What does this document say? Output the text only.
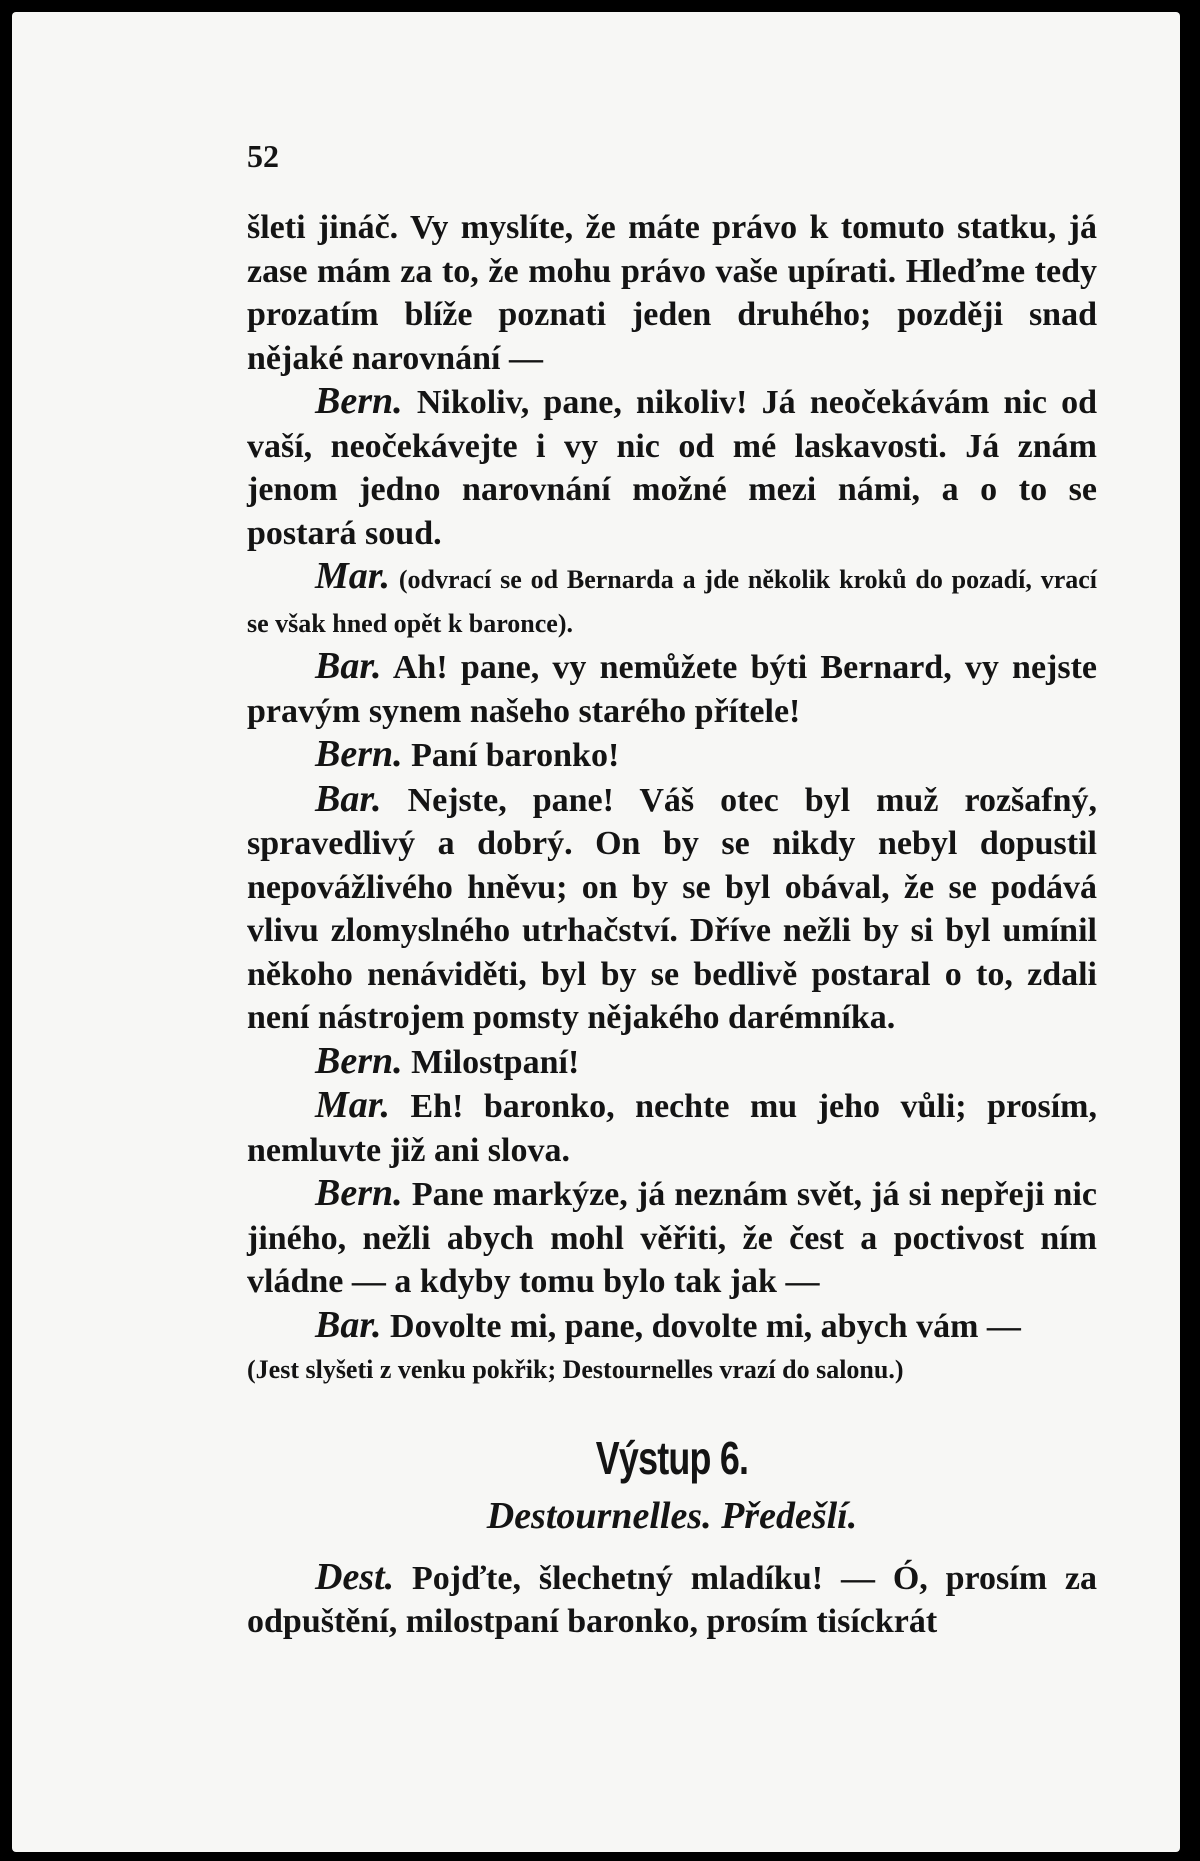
52

šleti jináč. Vy myslíte, že máte právo k tomuto statku, já zase mám za to, že mohu právo vaše upírati. Hleďme tedy prozatím blíže poznati jeden druhého; později snad nějaké narovnání —

Bern. Nikoliv, pane, nikoliv! Já neočekávám nic od vaší, neočekávejte i vy nic od mé laskavosti. Já znám jenom jedno narovnání možné mezi námi, a o to se postará soud.

Mar. (odvrací se od Bernarda a jde několik kroků do pozadí, vrací se však hned opět k baronce).

Bar. Ah! pane, vy nemůžete býti Bernard, vy nejste pravým synem našeho starého přítele!

Bern. Paní baronko!

Bar. Nejste, pane! Váš otec byl muž rozšafný, spravedlivý a dobrý. On by se nikdy nebyl dopustil nepovážlivého hněvu; on by se byl obával, že se podává vlivu zlomyslného utrhačství. Dříve nežli by si byl umínil někoho nenáviděti, byl by se bedlivě postaral o to, zdali není nástrojem pomsty nějakého darémníka.

Bern. Milostpaní!

Mar. Eh! baronko, nechte mu jeho vůli; prosím, nemluvte již ani slova.

Bern. Pane markýze, já neznám svět, já si nepřeji nic jiného, nežli abych mohl věřiti, že čest a poctivost ním vládne — a kdyby tomu bylo tak jak —

Bar. Dovolte mi, pane, dovolte mi, abych vám —

(Jest slyšeti z venku pokřik; Destournelles vrazí do salonu.)

Výstup 6.
Destournelles. Předešlí.

Dest. Pojďte, šlechetný mladíku! — Ó, prosím za odpuštění, milostpaní baronko, prosím tisíckrát
